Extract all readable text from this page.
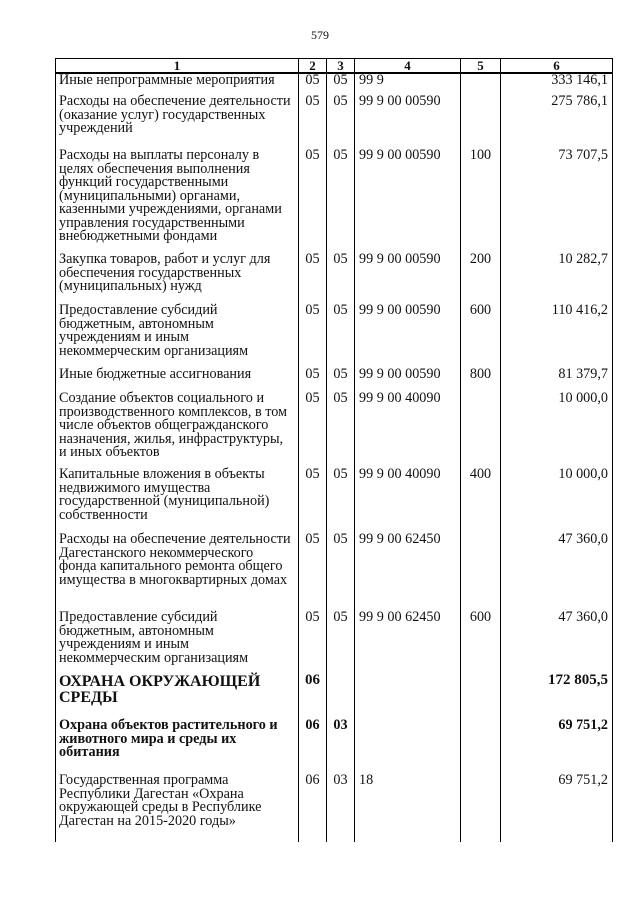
579
1	2	3	4	5	6
Иные непрограммные мероприятия	05	05	99 9		333 146,1
Расходы на обеспечение деятельности (оказание услуг) государственных учреждений	05	05	99 9 00 00590		275 786,1
Расходы на выплаты персоналу в целях обеспечения выполнения функций государственными (муниципальными) органами, казенными учреждениями, органами управления государственными внебюджетными фондами	05	05	99 9 00 00590	100	73 707,5
Закупка товаров, работ и услуг для обеспечения государственных (муниципальных) нужд	05	05	99 9 00 00590	200	10 282,7
Предоставление субсидий бюджетным, автономным учреждениям и иным некоммерческим организациям	05	05	99 9 00 00590	600	110 416,2
Иные бюджетные ассигнования	05	05	99 9 00 00590	800	81 379,7
Создание объектов социального и производственного комплексов, в том числе объектов общегражданского назначения, жилья, инфраструктуры, и иных объектов	05	05	99 9 00 40090		10 000,0
Капитальные вложения в объекты недвижимого имущества государственной (муниципальной) собственности	05	05	99 9 00 40090	400	10 000,0
Расходы на обеспечение деятельности Дагестанского некоммерческого фонда капитального ремонта общего имущества в многоквартирных домах	05	05	99 9 00 62450		47 360,0
Предоставление субсидий бюджетным, автономным учреждениям и иным некоммерческим организациям	05	05	99 9 00 62450	600	47 360,0
ОХРАНА ОКРУЖАЮЩЕЙ СРЕДЫ	06				172 805,5
Охрана объектов растительного и животного мира и среды их обитания	06	03			69 751,2
Государственная программа Республики Дагестан «Охрана окружающей среды в Республике Дагестан на 2015-2020 годы»	06	03	18		69 751,2
